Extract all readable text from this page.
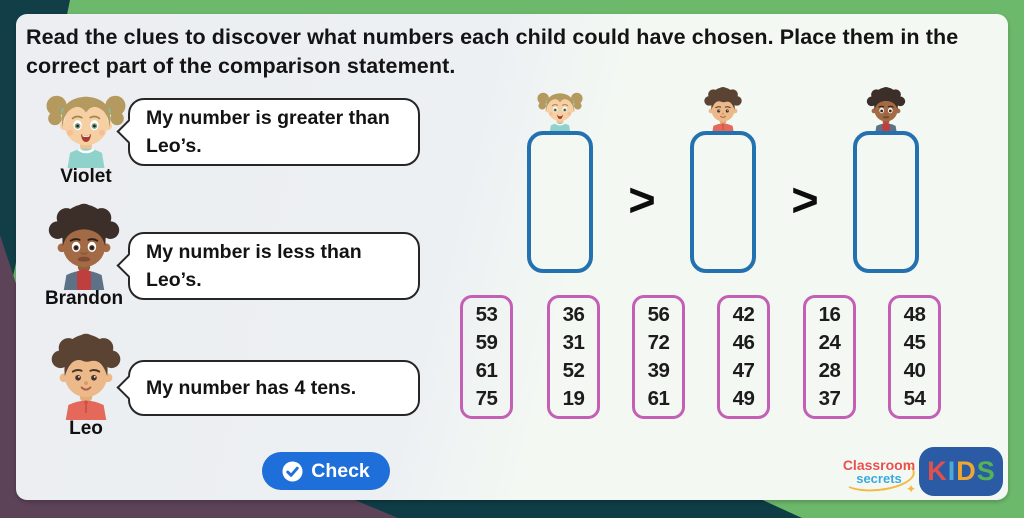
Read the clues to discover what numbers each child could have chosen. Place them in the correct part of the comparison statement.
Violet
My number is greater than Leo’s.
Brandon
My number is less than Leo’s.
Leo
My number has 4 tens.
>	>
53
59
61
75
36
31
52
19
56
72
39
61
42
46
47
49
16
24
28
37
48
45
40
54
Check	Classroom
secrets
✦
K I D S
